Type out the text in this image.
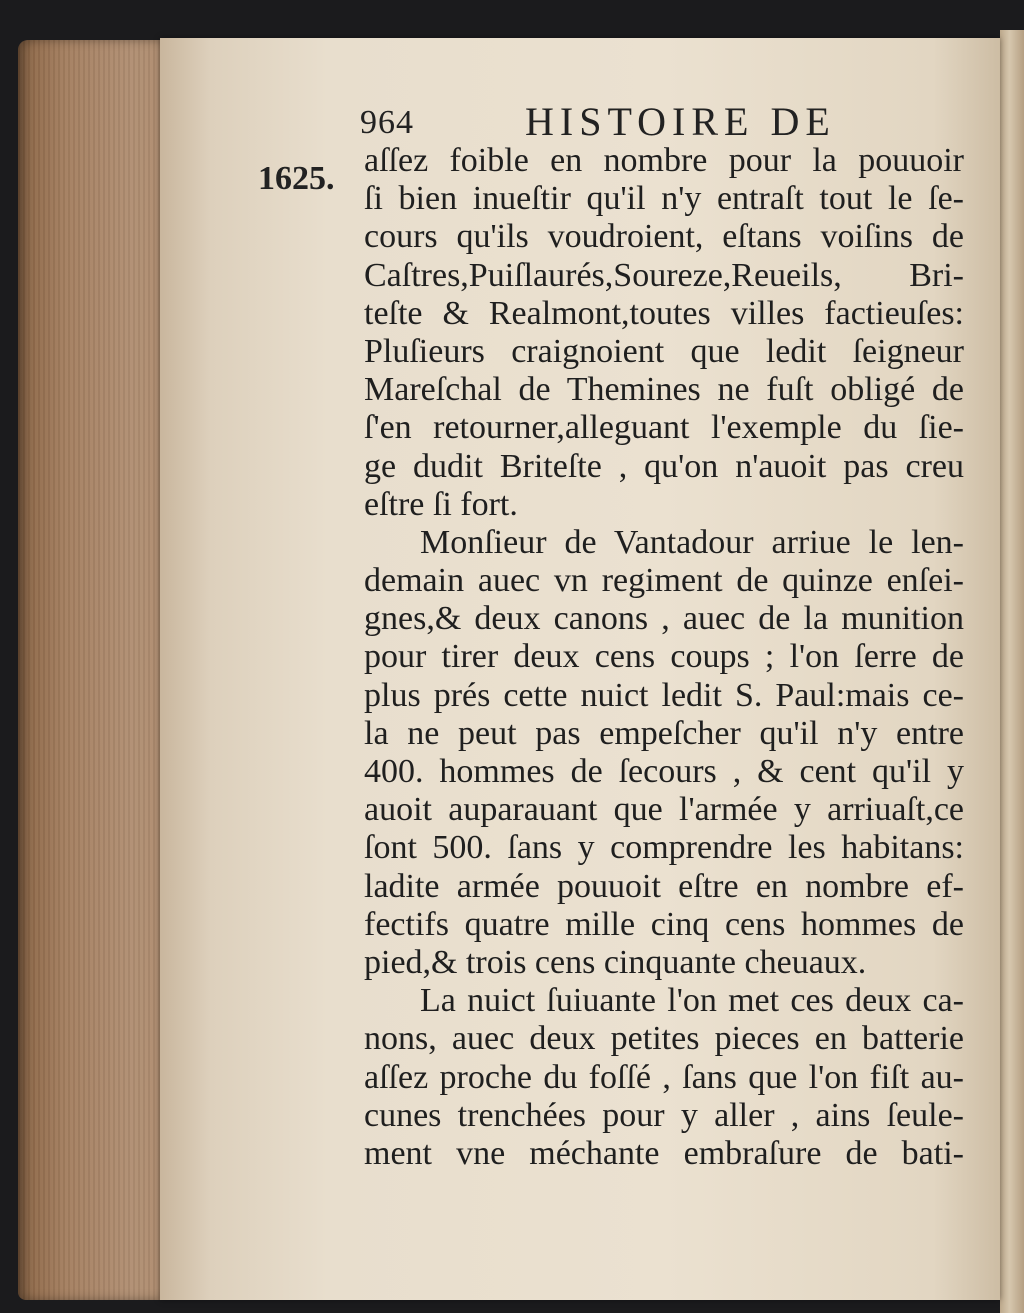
964	HISTOIRE DE
1625. aſſez foible en nombre pour la pouuoir
ſi bien inueſtir qu'il n'y entraſt tout le ſe-
cours qu'ils voudroient, eſtans voiſins de
Caſtres,Puiſlaurés,Soureze,Reueils, Bri-
teſte & Realmont,toutes villes factieuſes:
Pluſieurs craignoient que ledit ſeigneur
Mareſchal de Themines ne fuſt obligé de
ſ'en retourner,alleguant l'exemple du ſie-
ge dudit Briteſte , qu'on n'auoit pas creu
eſtre ſi fort.
Monſieur de Vantadour arriue le len-
demain auec vn regiment de quinze enſei-
gnes,& deux canons , auec de la munition
pour tirer deux cens coups ; l'on ſerre de
plus prés cette nuict ledit S. Paul:mais ce-
la ne peut pas empeſcher qu'il n'y entre
400. hommes de ſecours , & cent qu'il y
auoit auparauant que l'armée y arriuaſt,ce
ſont 500. ſans y comprendre les habitans:
ladite armée pouuoit eſtre en nombre ef-
fectifs quatre mille cinq cens hommes de
pied,& trois cens cinquante cheuaux.
La nuict ſuiuante l'on met ces deux ca-
nons, auec deux petites pieces en batterie
aſſez proche du foſſé , ſans que l'on fiſt au-
cunes trenchées pour y aller , ains ſeule-
ment vne méchante embraſure de bati-
